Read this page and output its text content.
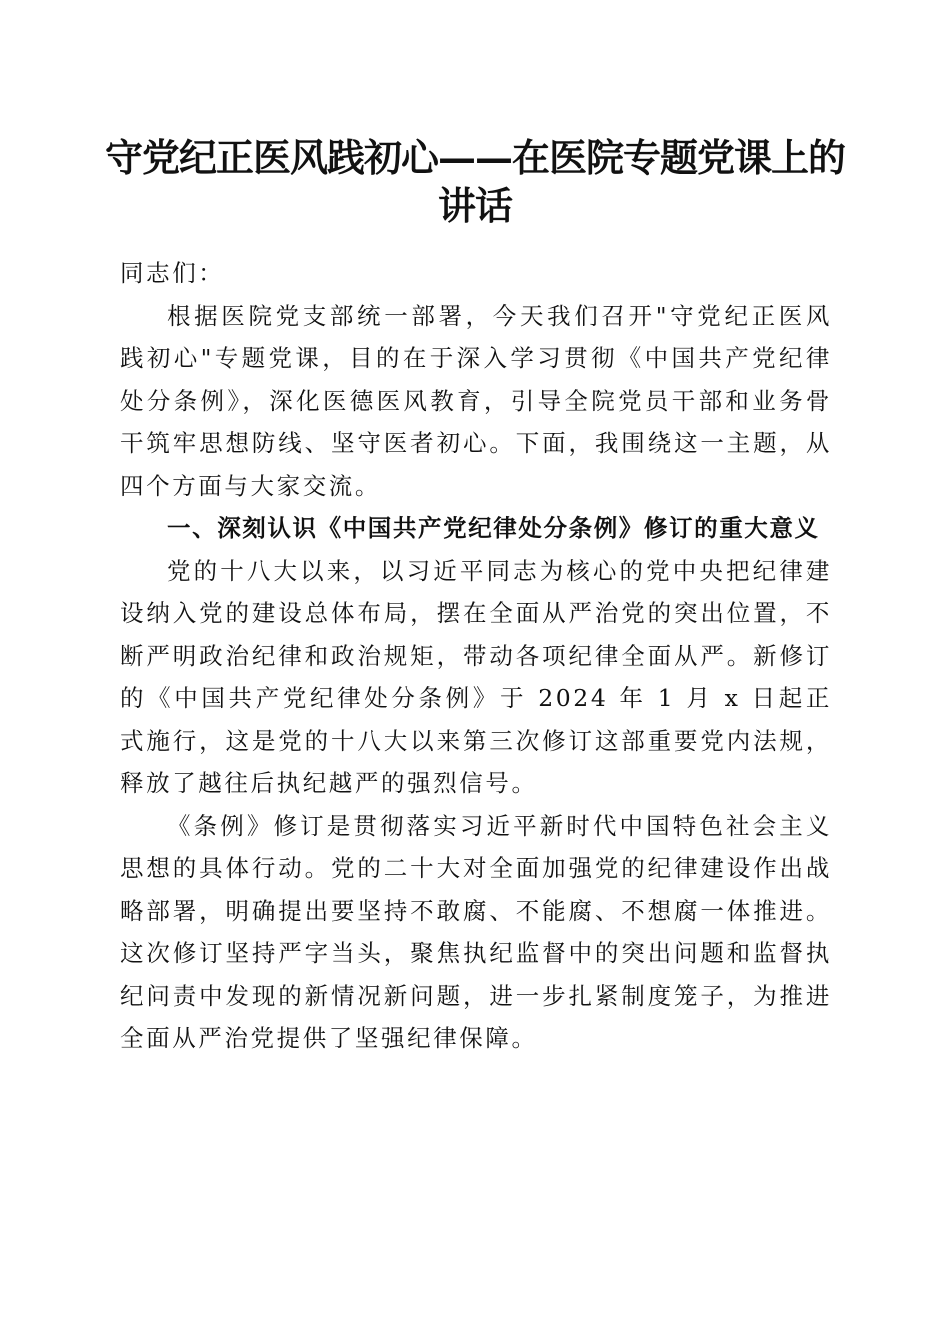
守党纪正医风践初心——在医院专题党课上的讲话

同志们：

根据医院党支部统一部署，今天我们召开"守党纪正医风践初心"专题党课，目的在于深入学习贯彻《中国共产党纪律处分条例》，深化医德医风教育，引导全院党员干部和业务骨干筑牢思想防线、坚守医者初心。下面，我围绕这一主题，从四个方面与大家交流。

一、深刻认识《中国共产党纪律处分条例》修订的重大意义

党的十八大以来，以习近平同志为核心的党中央把纪律建设纳入党的建设总体布局，摆在全面从严治党的突出位置，不断严明政治纪律和政治规矩，带动各项纪律全面从严。新修订的《中国共产党纪律处分条例》于 2024 年 1 月 x 日起正式施行，这是党的十八大以来第三次修订这部重要党内法规，释放了越往后执纪越严的强烈信号。

《条例》修订是贯彻落实习近平新时代中国特色社会主义思想的具体行动。党的二十大对全面加强党的纪律建设作出战略部署，明确提出要坚持不敢腐、不能腐、不想腐一体推进。这次修订坚持严字当头，聚焦执纪监督中的突出问题和监督执纪问责中发现的新情况新问题，进一步扎紧制度笼子，为推进全面从严治党提供了坚强纪律保障。
